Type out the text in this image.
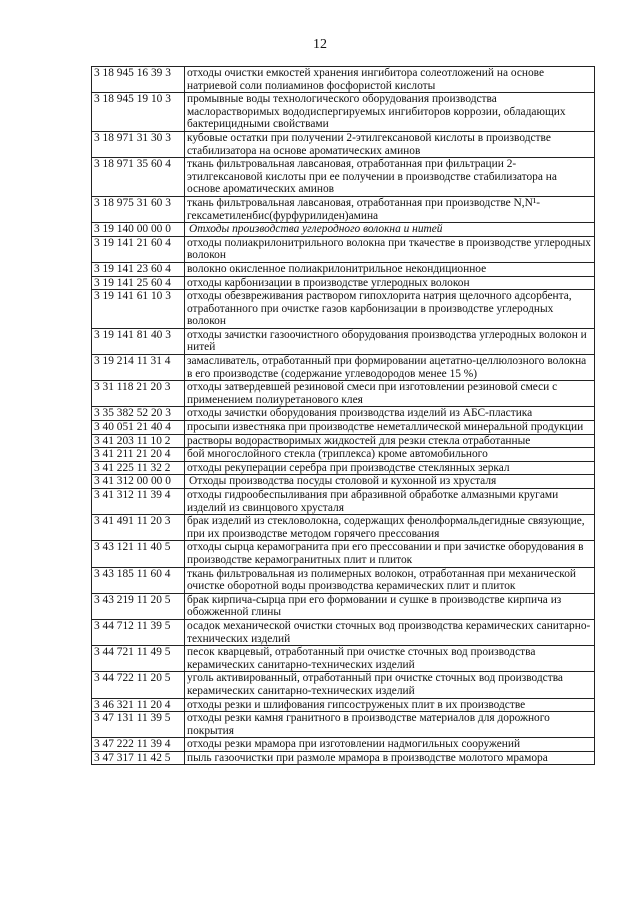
12
3 18 945 16 39 3	отходы очистки емкостей хранения ингибитора солеотложений на основе натриевой соли полиаминов фосфористой кислоты
3 18 945 19 10 3	промывные воды технологического оборудования производства маслорастворимых вододиспергируемых ингибиторов коррозии, обладающих бактерицидными свойствами
3 18 971 31 30 3	кубовые остатки при получении 2-этилгексановой кислоты в производстве стабилизатора на основе ароматических аминов
3 18 971 35 60 4	ткань фильтровальная лавсановая, отработанная при фильтрации 2- этилгексановой кислоты при ее получении в производстве стабилизатора на основе ароматических аминов
3 18 975 31 60 3	ткань фильтровальная лавсановая, отработанная при производстве N,N¹-гексаметиленбис(фурфурилиден)амина
3 19 140 00 00 0	Отходы производства углеродного волокна и нитей
3 19 141 21 60 4	отходы полиакрилонитрильного волокна при ткачестве в производстве углеродных волокон
3 19 141 23 60 4	волокно окисленное полиакрилонитрильное некондиционное
3 19 141 25 60 4	отходы карбонизации в производстве углеродных волокон
3 19 141 61 10 3	отходы обезвреживания раствором гипохлорита натрия щелочного адсорбента, отработанного при очистке газов карбонизации в производстве углеродных волокон
3 19 141 81 40 3	отходы зачистки газоочистного оборудования производства углеродных волокон и нитей
3 19 214 11 31 4	замасливатель, отработанный при формировании ацетатно-целлюлозного волокна в его производстве (содержание углеводородов менее 15 %)
3 31 118 21 20 3	отходы затвердевшей резиновой смеси при изготовлении резиновой смеси с применением полиуретанового клея
3 35 382 52 20 3	отходы зачистки оборудования производства изделий из АБС-пластика
3 40 051 21 40 4	просыпи известняка при производстве неметаллической минеральной продукции
3 41 203 11 10 2	растворы водорастворимых жидкостей для резки стекла отработанные
3 41 211 21 20 4	бой многослойного стекла (триплекса) кроме автомобильного
3 41 225 11 32 2	отходы рекуперации серебра при производстве стеклянных зеркал
3 41 312 00 00 0	Отходы производства посуды столовой и кухонной из хрусталя
3 41 312 11 39 4	отходы гидрообеспыливания при абразивной обработке алмазными кругами изделий из свинцового хрусталя
3 41 491 11 20 3	брак изделий из стекловолокна, содержащих фенолформальдегидные связующие, при их производстве методом горячего прессования
3 43 121 11 40 5	отходы сырца керамогранита при его прессовании и при зачистке оборудования в производстве керамогранитных плит и плиток
3 43 185 11 60 4	ткань фильтровальная из полимерных волокон, отработанная при механической очистке оборотной воды производства керамических плит и плиток
3 43 219 11 20 5	брак кирпича-сырца при его формовании и сушке в производстве кирпича из обожженной глины
3 44 712 11 39 5	осадок механической очистки сточных вод производства керамических санитарно-технических изделий
3 44 721 11 49 5	песок кварцевый, отработанный при очистке сточных вод производства керамических санитарно-технических изделий
3 44 722 11 20 5	уголь активированный, отработанный при очистке сточных вод производства керамических санитарно-технических изделий
3 46 321 11 20 4	отходы резки и шлифования гипсоструженых плит в их производстве
3 47 131 11 39 5	отходы резки камня гранитного в производстве материалов для дорожного покрытия
3 47 222 11 39 4	отходы резки мрамора при изготовлении надмогильных сооружений
3 47 317 11 42 5	пыль газоочистки при размоле мрамора в производстве молотого мрамора
